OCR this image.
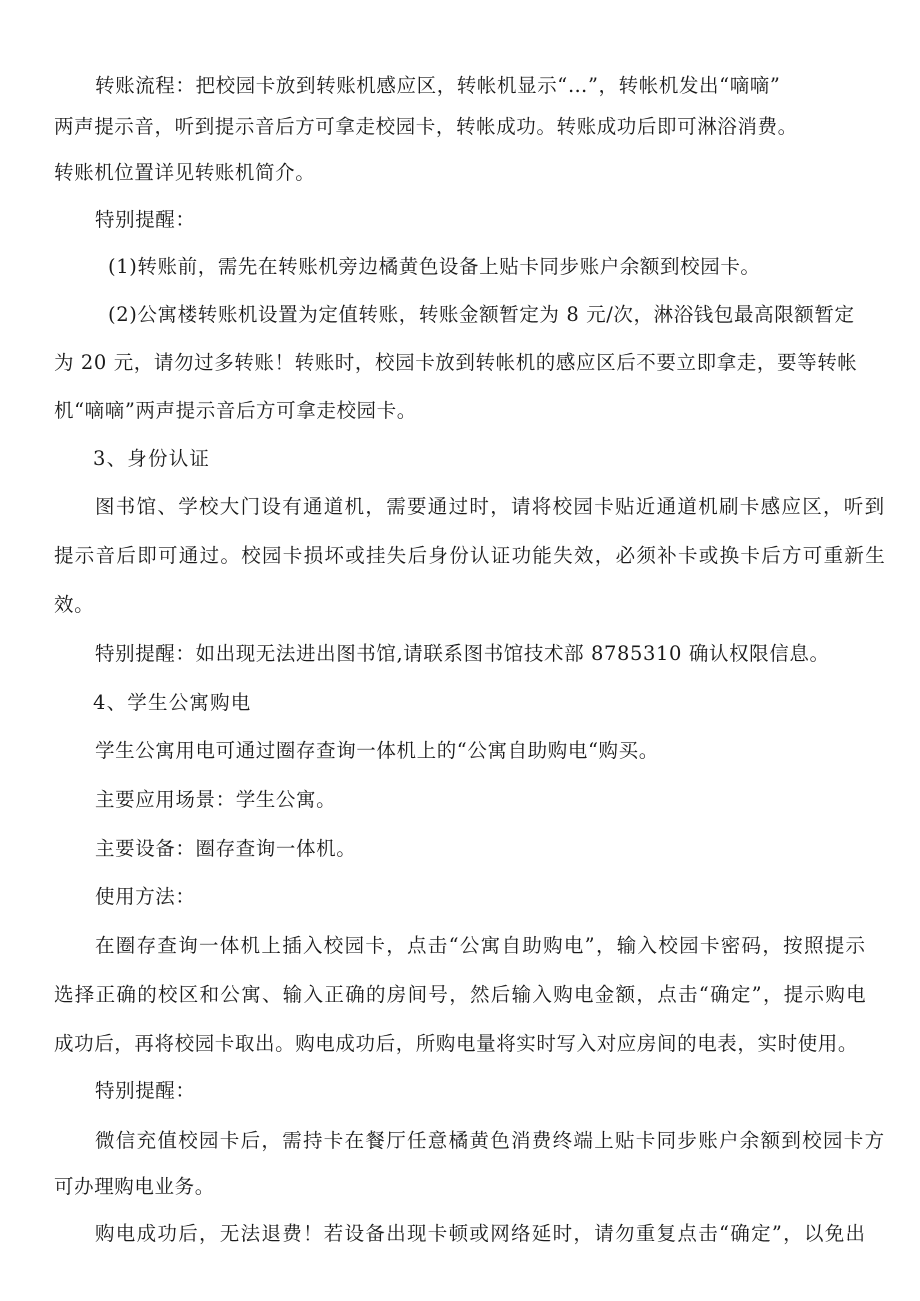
转账流程：把校园卡放到转账机感应区，转帐机显示“…”，转帐机发出“嘀嘀”
两声提示音，听到提示音后方可拿走校园卡，转帐成功。转账成功后即可淋浴消费。
转账机位置详见转账机简介。
特别提醒：
(1)转账前，需先在转账机旁边橘黄色设备上贴卡同步账户余额到校园卡。
(2)公寓楼转账机设置为定值转账，转账金额暂定为 8 元/次，淋浴钱包最高限额暂定
为 20 元，请勿过多转账！转账时，校园卡放到转帐机的感应区后不要立即拿走，要等转帐
机“嘀嘀”两声提示音后方可拿走校园卡。
3、身份认证
图书馆、学校大门设有通道机，需要通过时，请将校园卡贴近通道机刷卡感应区，听到
提示音后即可通过。校园卡损坏或挂失后身份认证功能失效，必须补卡或换卡后方可重新生
效。
特别提醒：如出现无法进出图书馆,请联系图书馆技术部 8785310 确认权限信息。
4、学生公寓购电
学生公寓用电可通过圈存查询一体机上的“公寓自助购电“购买。
主要应用场景：学生公寓。
主要设备：圈存查询一体机。
使用方法：
在圈存查询一体机上插入校园卡，点击“公寓自助购电”，输入校园卡密码，按照提示
选择正确的校区和公寓、输入正确的房间号，然后输入购电金额，点击“确定”，提示购电
成功后，再将校园卡取出。购电成功后，所购电量将实时写入对应房间的电表，实时使用。
特别提醒：
微信充值校园卡后，需持卡在餐厅任意橘黄色消费终端上贴卡同步账户余额到校园卡方
可办理购电业务。
购电成功后，无法退费！若设备出现卡顿或网络延时，请勿重复点击“确定”，以免出
